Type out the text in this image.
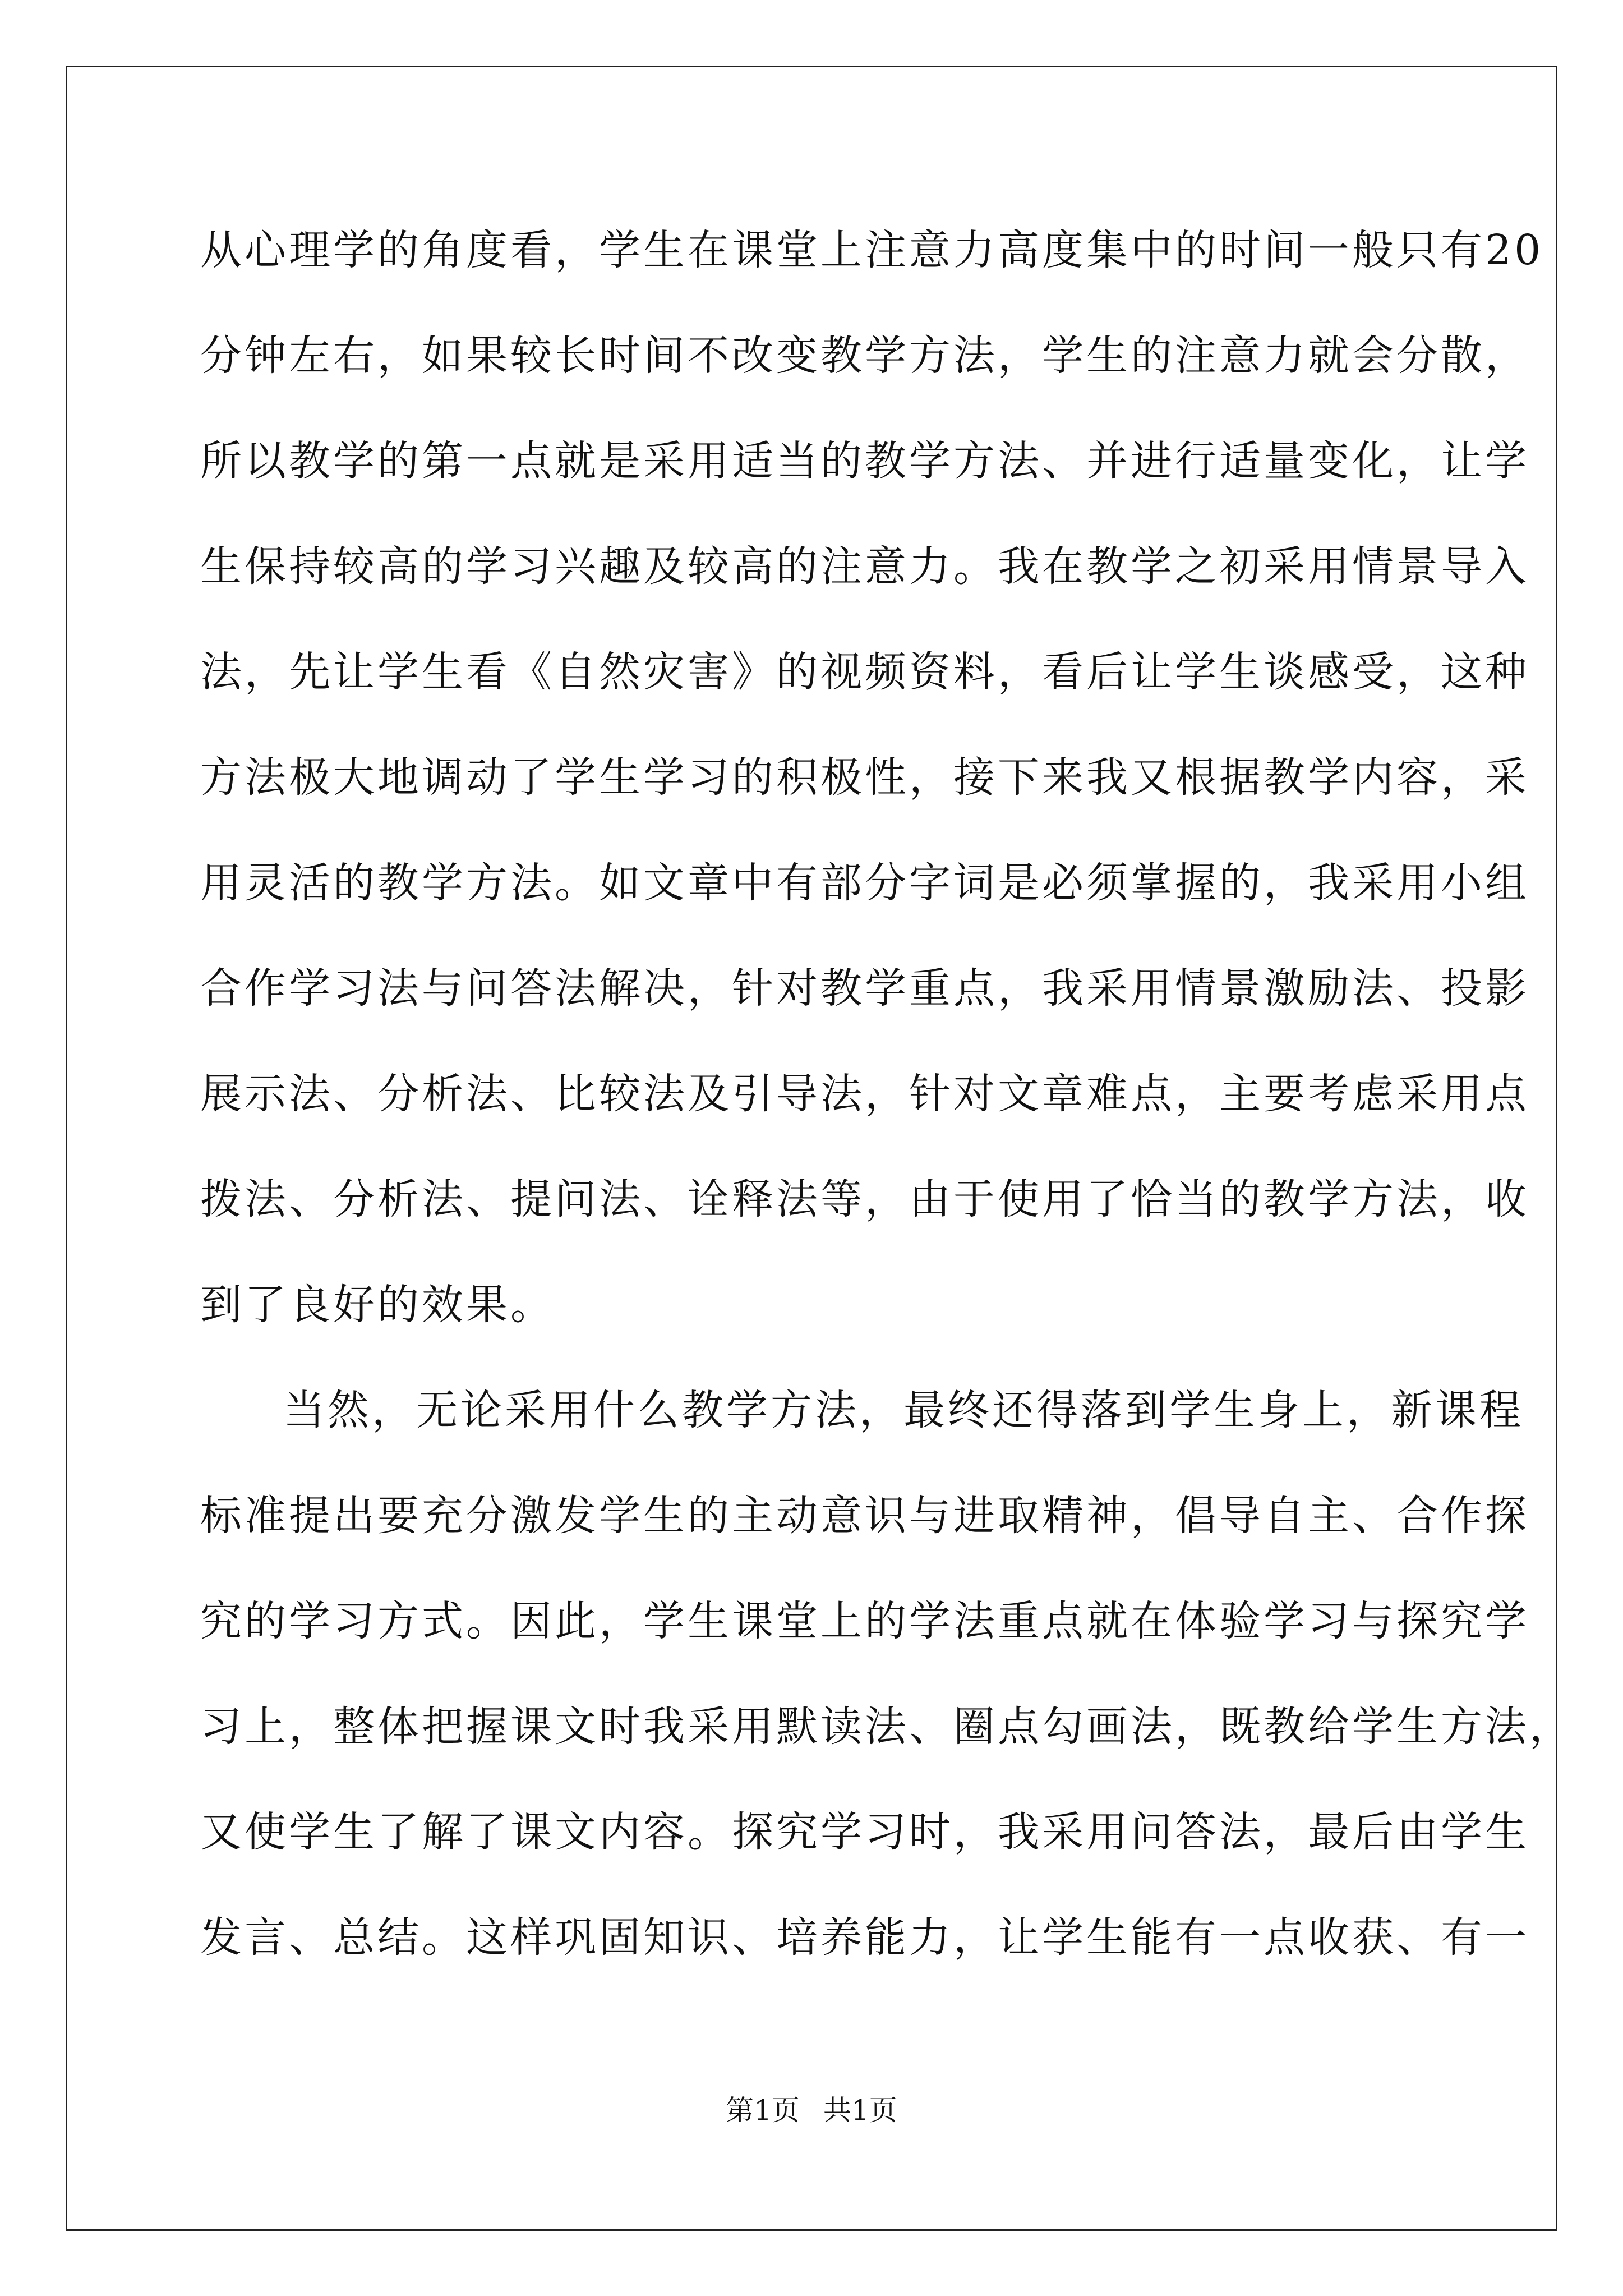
从心理学的角度看，学生在课堂上注意力高度集中的时间一般只有20
分钟左右，如果较长时间不改变教学方法，学生的注意力就会分散，
所以教学的第一点就是采用适当的教学方法、并进行适量变化，让学
生保持较高的学习兴趣及较高的注意力。我在教学之初采用情景导入
法，先让学生看《自然灾害》的视频资料，看后让学生谈感受，这种
方法极大地调动了学生学习的积极性，接下来我又根据教学内容，采
用灵活的教学方法。如文章中有部分字词是必须掌握的，我采用小组
合作学习法与问答法解决，针对教学重点，我采用情景激励法、投影
展示法、分析法、比较法及引导法，针对文章难点，主要考虑采用点
拨法、分析法、提问法、诠释法等，由于使用了恰当的教学方法，收
到了良好的效果。
当然，无论采用什么教学方法，最终还得落到学生身上，新课程
标准提出要充分激发学生的主动意识与进取精神，倡导自主、合作探
究的学习方式。因此，学生课堂上的学法重点就在体验学习与探究学
习上，整体把握课文时我采用默读法、圈点勾画法，既教给学生方法，
又使学生了解了课文内容。探究学习时，我采用问答法，最后由学生
发言、总结。这样巩固知识、培养能力，让学生能有一点收获、有一
第1页 共1页
